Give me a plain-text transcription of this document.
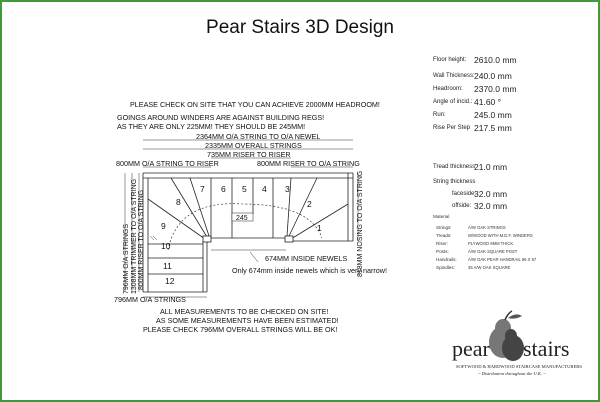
Pear Stairs 3D Design
PLEASE CHECK ON SITE THAT YOU CAN ACHIEVE 2000MM HEADROOM!
GOINGS AROUND WINDERS ARE AGAINST BUILDING REGS!
AS THEY ARE ONLY 225MM! THEY SHOULD BE 245MM!
2364MM O/A STRING TO O/A NEWEL
2335MM OVERALL STRINGS
735MM RISER TO RISER
800MM O/A STRING TO RISER	800MM RISER TO O/A STRING
674MM INSIDE NEWELS
Only 674mm inside newels which is very narrow!
796MM O/A STRINGS
ALL MEASUREMENTS TO BE CHECKED ON SITE!
AS SOME MEASUREMENTS HAVE BEEN ESTIMATED!
PLEASE CHECK 796MM OVERALL STRINGS WILL BE OK!
796MM O/A STRINGS 1308MM TRIMMER TO O/A STRING 800MM RISER TO O/A STRING	818MM NOSING TO O/A STRING
1
2
3
4
5
6
7
8
9
10
11
12
245
Floor height: 2610.0 mm
Wall Thickness: 240.0 mm
Headroom: 2370.0 mm
Angle of incid.: 41.60 °
Run:	245.0 mm
Rise Per Step 217.5 mm
Tread thickness
21.0 mm
String thickness
faceside:
32.0 mm
offside: 32.0 mm
Material
Strings:	A/W OAK STRINGS
Treads:	W/WOOD WITH M.D.F. WINDERS
Riser:	PLYWOOD 9MM THICK
Posts:	A/W OAK SQUARE POST
Handrails:	A/W OAK PEAR HANDRAIL 56 X 57
Spindles:	35 A/W OAK SQUARE
pear stairs
SOFTWOOD & HARDWOOD STAIRCASE MANUFACTURERS
~ Distribution throughout the U.K. ~
